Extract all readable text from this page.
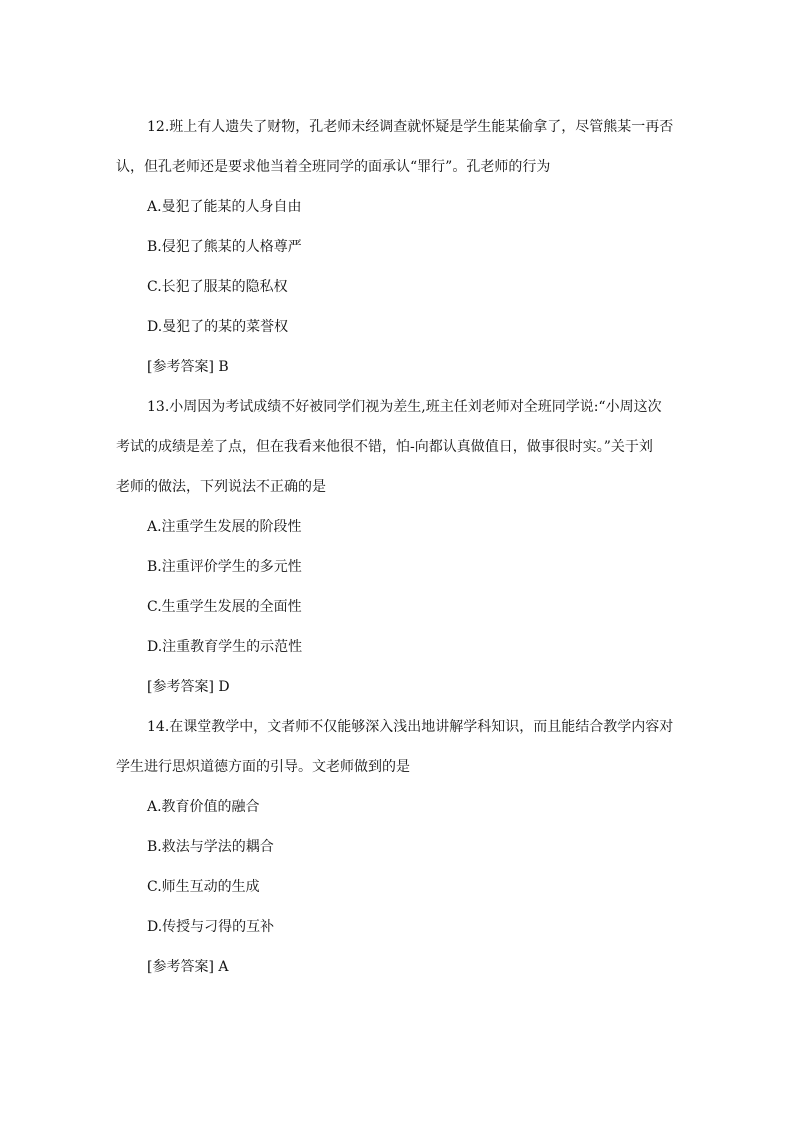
12.班上有人遗失了财物，孔老师未经调查就怀疑是学生能某偷拿了，尽管熊某一再否
认，但孔老师还是要求他当着全班同学的面承认“罪行”。孔老师的行为
A.曼犯了能某的人身自由
B.侵犯了熊某的人格尊严
C.长犯了服某的隐私权
D.曼犯了的某的菜誉权
[参考答案] B
13.小周因为考试成绩不好被同学们视为差生,班主任刘老师对全班同学说:“小周这次
考试的成绩是差了点，但在我看来他很不错，怕-向都认真做值日，做事很时实。”关于刘
老师的做法，下列说法不正确的是
A.注重学生发展的阶段性
B.注重评价学生的多元性
C.生重学生发展的全面性
D.注重教育学生的示范性
[参考答案] D
14.在课堂教学中，文者师不仅能够深入浅出地讲解学科知识，而且能结合教学内容对
学生进行思炽道德方面的引导。文老师做到的是
A.教育价值的融合
B.救法与学法的耦合
C.师生互动的生成
D.传授与刁得的互补
[参考答案] A
